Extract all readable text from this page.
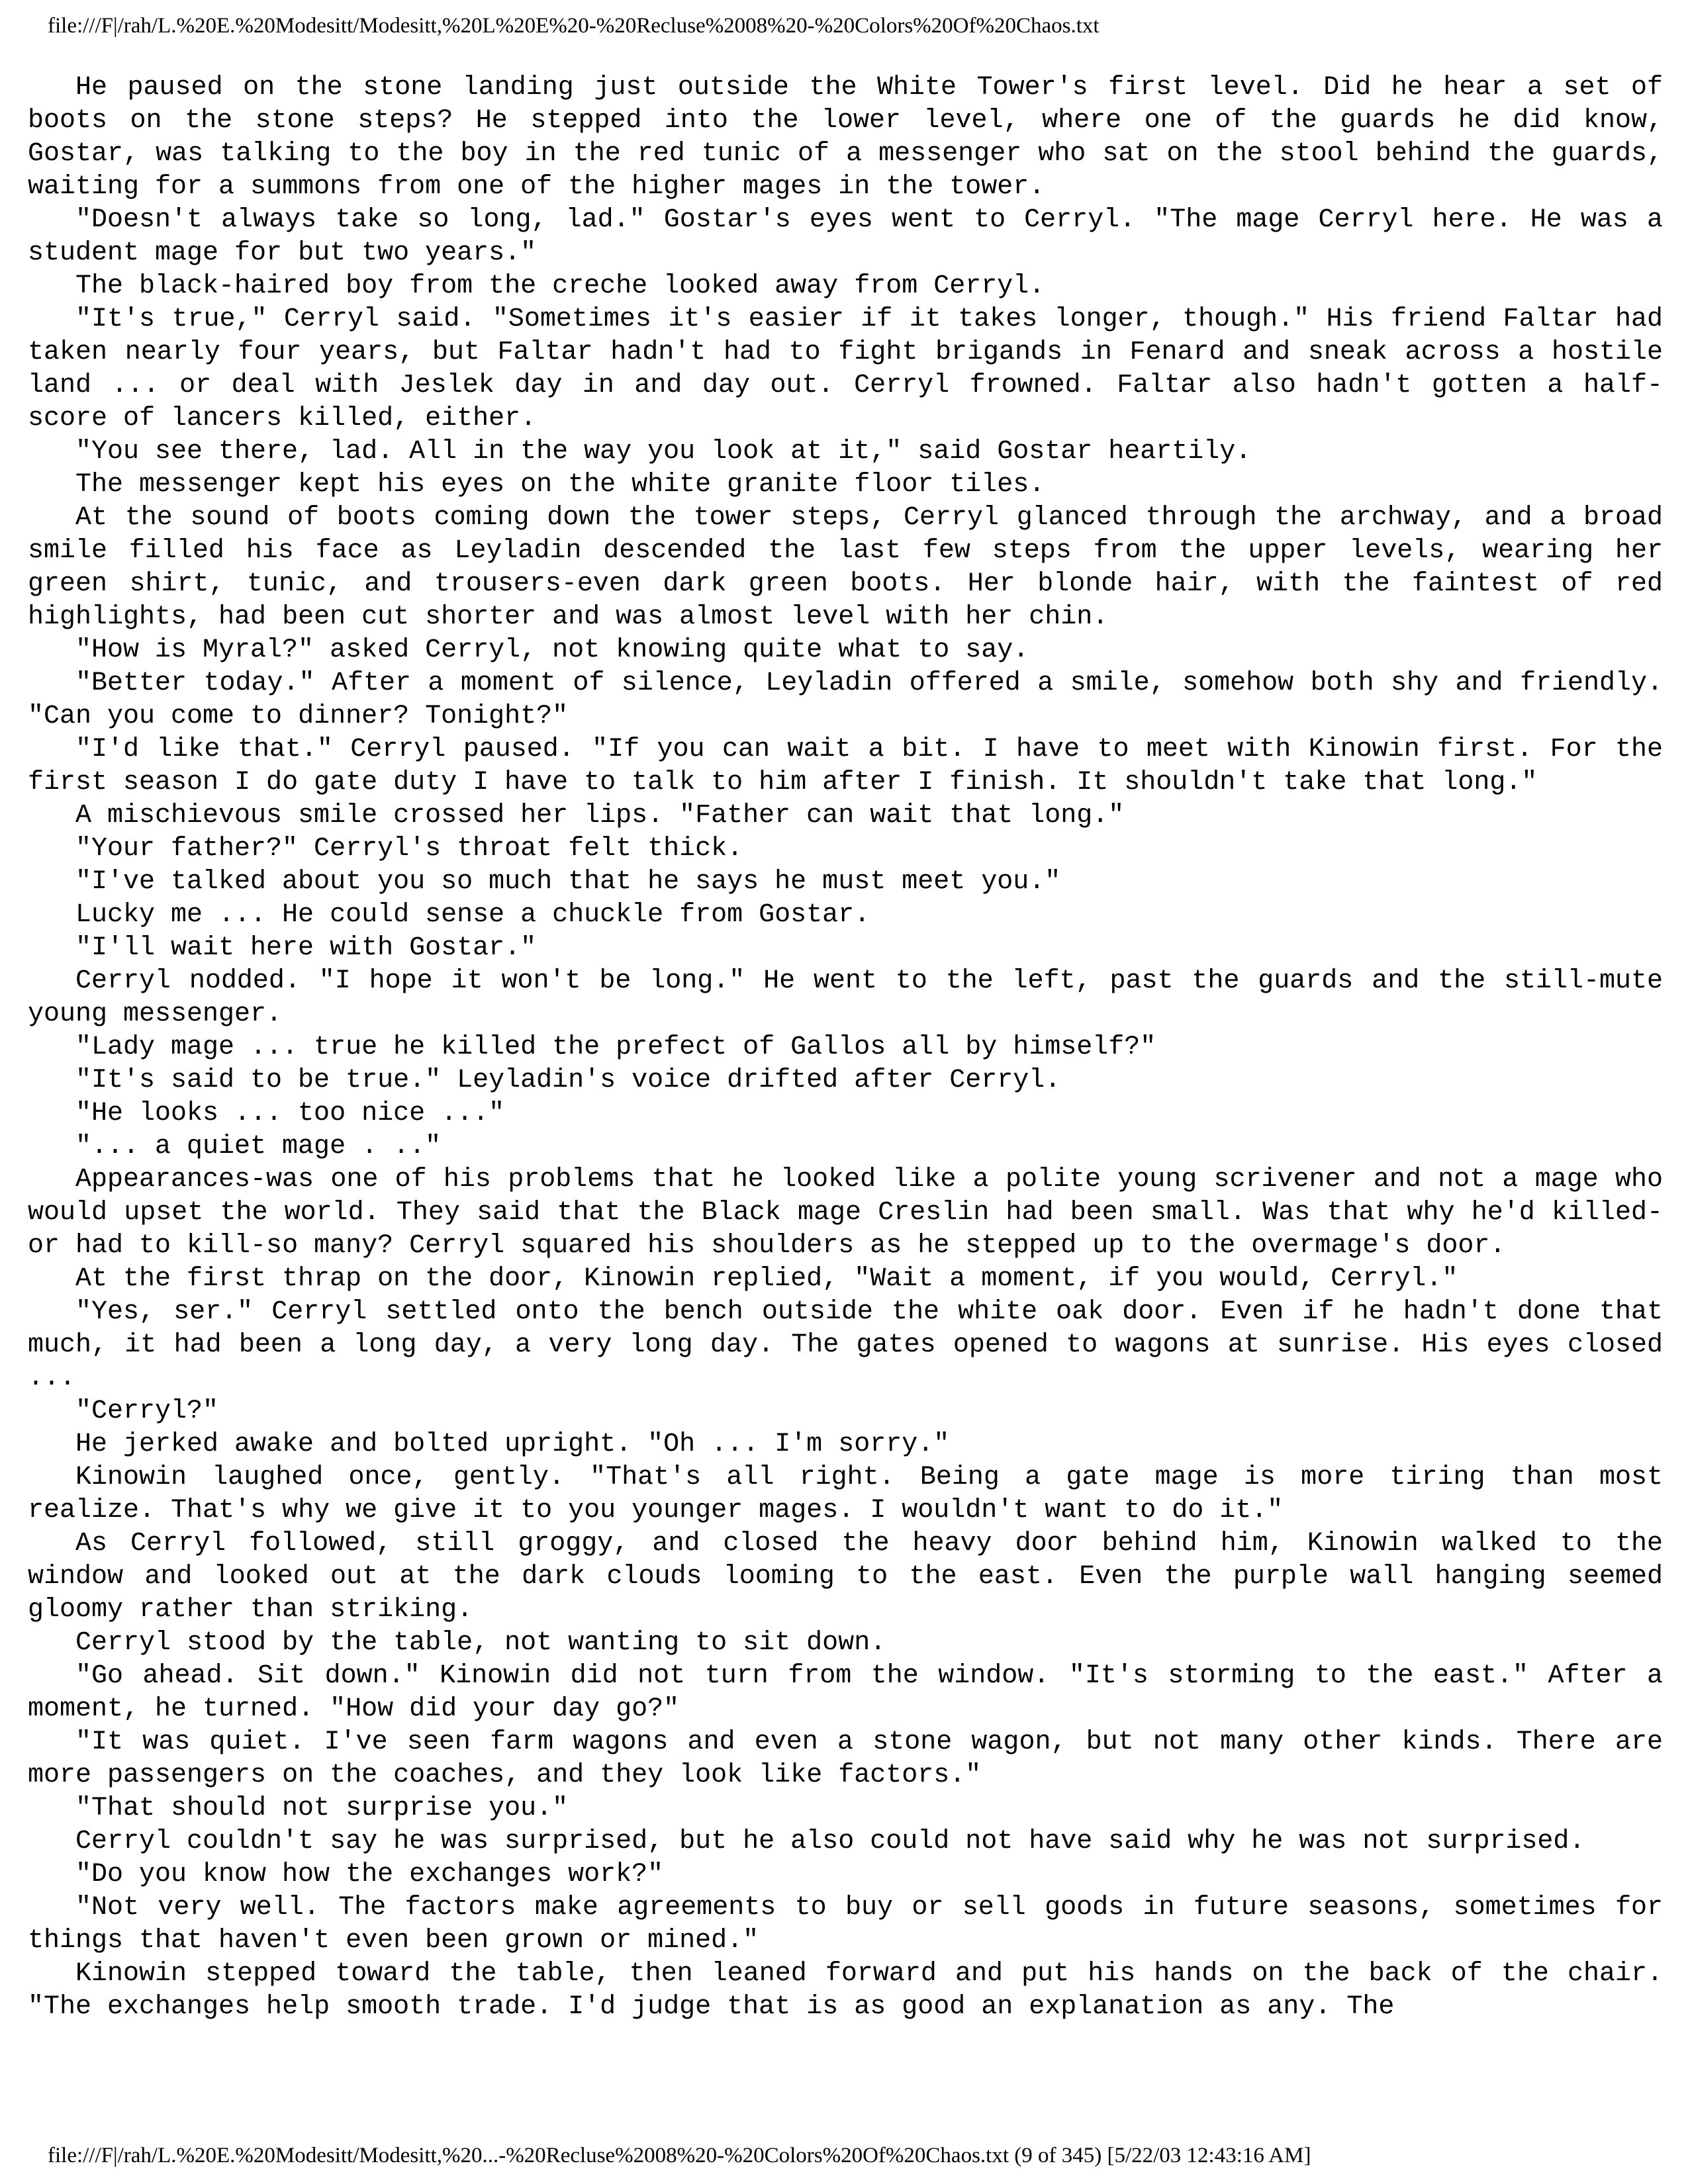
file:///F|/rah/L.%20E.%20Modesitt/Modesitt,%20L%20E%20-%20Recluse%2008%20-%20Colors%20Of%20Chaos.txt

He paused on the stone landing just outside the White Tower's first level. Did he hear a set of boots on the stone steps? He stepped into the lower level, where one of the guards he did know, Gostar, was talking to the boy in the red tunic of a messenger who sat on the stool behind the guards, waiting for a summons from one of the higher mages in the tower.

"Doesn't always take so long, lad." Gostar's eyes went to Cerryl. "The mage Cerryl here. He was a student mage for but two years."

The black-haired boy from the creche looked away from Cerryl.

"It's true," Cerryl said. "Sometimes it's easier if it takes longer, though." His friend Faltar had taken nearly four years, but Faltar hadn't had to fight brigands in Fenard and sneak across a hostile land ... or deal with Jeslek day in and day out. Cerryl frowned. Faltar also hadn't gotten a half-score of lancers killed, either.

"You see there, lad. All in the way you look at it," said Gostar heartily.

The messenger kept his eyes on the white granite floor tiles.

At the sound of boots coming down the tower steps, Cerryl glanced through the archway, and a broad smile filled his face as Leyladin descended the last few steps from the upper levels, wearing her green shirt, tunic, and trousers-even dark green boots. Her blonde hair, with the faintest of red highlights, had been cut shorter and was almost level with her chin.

"How is Myral?" asked Cerryl, not knowing quite what to say.

"Better today." After a moment of silence, Leyladin offered a smile, somehow both shy and friendly. "Can you come to dinner? Tonight?"

"I'd like that." Cerryl paused. "If you can wait a bit. I have to meet with Kinowin first. For the first season I do gate duty I have to talk to him after I finish. It shouldn't take that long."

A mischievous smile crossed her lips. "Father can wait that long."

"Your father?" Cerryl's throat felt thick.

"I've talked about you so much that he says he must meet you."

Lucky me ... He could sense a chuckle from Gostar.

"I'll wait here with Gostar."

Cerryl nodded. "I hope it won't be long." He went to the left, past the guards and the still-mute young messenger.

"Lady mage ... true he killed the prefect of Gallos all by himself?"

"It's said to be true." Leyladin's voice drifted after Cerryl.

"He looks ... too nice ..."

"... a quiet mage . .."

Appearances-was one of his problems that he looked like a polite young scrivener and not a mage who would upset the world. They said that the Black mage Creslin had been small. Was that why he'd killed- or had to kill-so many? Cerryl squared his shoulders as he stepped up to the overmage's door.

At the first thrap on the door, Kinowin replied, "Wait a moment, if you would, Cerryl."

"Yes, ser." Cerryl settled onto the bench outside the white oak door. Even if he hadn't done that much, it had been a long day, a very long day. The gates opened to wagons at sunrise. His eyes closed ...

"Cerryl?"

He jerked awake and bolted upright. "Oh ... I'm sorry."

Kinowin laughed once, gently. "That's all right. Being a gate mage is more tiring than most realize. That's why we give it to you younger mages. I wouldn't want to do it."

As Cerryl followed, still groggy, and closed the heavy door behind him, Kinowin walked to the window and looked out at the dark clouds looming to the east. Even the purple wall hanging seemed gloomy rather than striking.

Cerryl stood by the table, not wanting to sit down.

"Go ahead. Sit down." Kinowin did not turn from the window. "It's storming to the east." After a moment, he turned. "How did your day go?"

"It was quiet. I've seen farm wagons and even a stone wagon, but not many other kinds. There are more passengers on the coaches, and they look like factors."

"That should not surprise you."

Cerryl couldn't say he was surprised, but he also could not have said why he was not surprised.

"Do you know how the exchanges work?"

"Not very well. The factors make agreements to buy or sell goods in future seasons, sometimes for things that haven't even been grown or mined."

Kinowin stepped toward the table, then leaned forward and put his hands on the back of the chair. "The exchanges help smooth trade. I'd judge that is as good an explanation as any. The

file:///F|/rah/L.%20E.%20Modesitt/Modesitt,%20...-%20Recluse%2008%20-%20Colors%20Of%20Chaos.txt (9 of 345) [5/22/03 12:43:16 AM]
